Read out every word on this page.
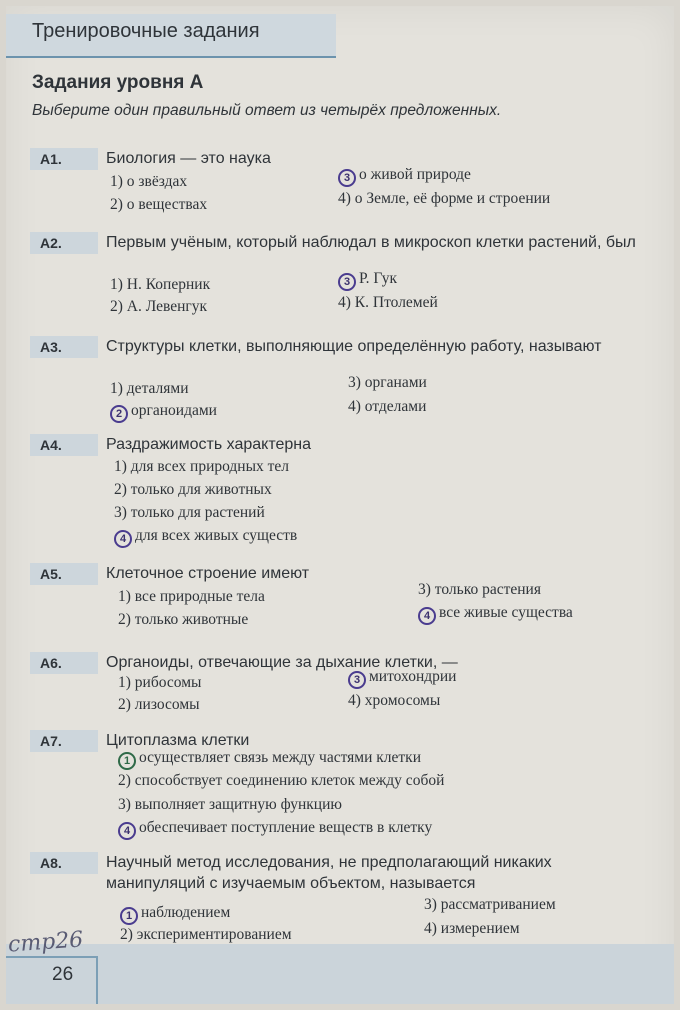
Тренировочные задания
Задания уровня А
Выберите один правильный ответ из четырёх предложенных.
А1.	Биология — это наука
1) о звёздах
2) о веществах
3 о живой природе
4) о Земле, её форме и строении
А2.	Первым учёным, который наблюдал в микроскоп клетки растений, был
1) Н. Коперник
2) А. Левенгук
3 Р. Гук
4) К. Птолемей
А3.	Структуры клетки, выполняющие определённую работу, называют
1) деталями
2 органоидами
3) органами
4) отделами
А4.	Раздражимость характерна
1) для всех природных тел
2) только для животных
3) только для растений
4 для всех живых существ
А5.	Клеточное строение имеют
1) все природные тела
2) только животные
3) только растения
4 все живые существа
А6.	Органоиды, отвечающие за дыхание клетки, —
1) рибосомы
2) лизосомы
3 митохондрии
4) хромосомы
А7.	Цитоплазма клетки
1 осуществляет связь между частями клетки
2) способствует соединению клеток между собой
3) выполняет защитную функцию
4 обеспечивает поступление веществ в клетку
А8.	Научный метод исследования, не предполагающий никаких манипуляций с изучаемым объектом, называется
1 наблюдением
2) экспериментированием
3) рассматриванием
4) измерением
26
стр26
